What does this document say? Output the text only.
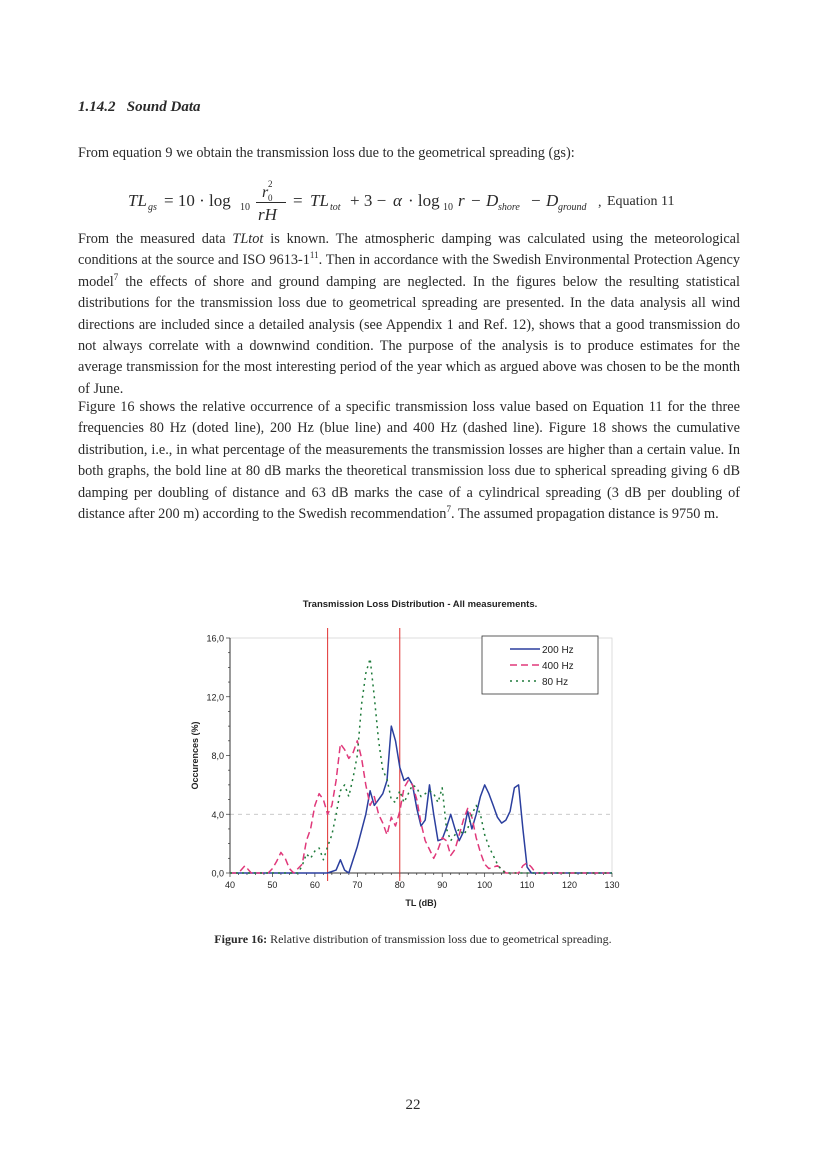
1.14.2 Sound Data

From equation 9 we obtain the transmission loss due to the geometrical spreading (gs):

TL gs = 10 · log 10
r 0
2
rH
= TL tot + 3 − α · log 10 r − D shore − D ground , Equation 11

From the measured data TLtot is known. The atmospheric damping was calculated using the meteorological conditions at the source and ISO $9613-1^{11}$. Then in accordance with the Swedish Environmental Protection Agency model$^7$ the effects of shore and ground damping are neglected. In the figures below the resulting statistical distributions for the transmission loss due to geometrical spreading are presented. In the data analysis all wind directions are included since a detailed analysis (see Appendix 1 and Ref. 12), shows that a good transmission do not always correlate with a downwind condition. The purpose of the analysis is to produce estimates for the average transmission for the most interesting period of the year which as argued above was chosen to be the month of June.

Figure 16 shows the relative occurrence of a specific transmission loss value based on Equation 11 for the three frequencies 80 Hz (doted line), 200 Hz (blue line) and 400 Hz (dashed line). Figure 18 shows the cumulative distribution, i.e., in what percentage of the measurements the transmission losses are higher than a certain value. In both graphs, the bold line at 80 dB marks the theoretical transmission loss due to spherical spreading giving 6 dB damping per doubling of distance and 63 dB marks the case of a cylindrical spreading (3 dB per doubling of distance after 200 m) according to the Swedish recommendation$^7$. The assumed propagation distance is 9750 m.

Transmission Loss Distribution - All measurements.
0,0
4,0
8,0
12,0
16,0
40	50	60	70	80	90	100	110	120	130
TL (dB)
Occurences (%)
200 Hz
400 Hz
80 Hz
Figure 16: Relative distribution of transmission loss due to geometrical spreading.
22
